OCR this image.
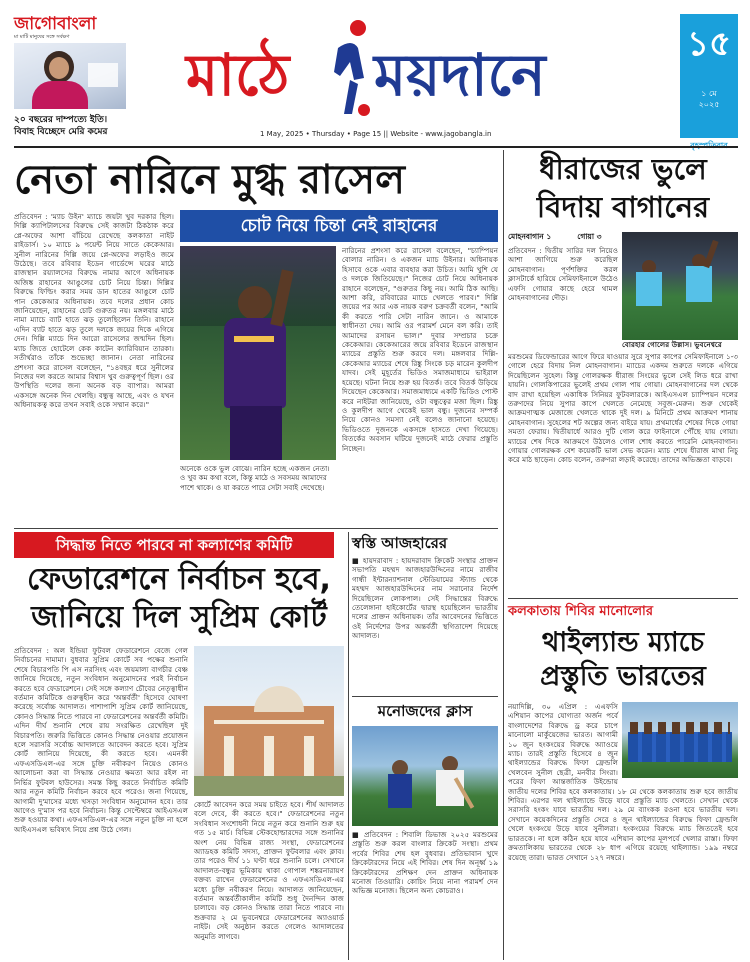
জাগোবাংলা
মা মাটি মানুষের সঙ্গে সর্বক্ষণ
২০ বছরের দাম্পত্যে ইতি।
বিবাহ বিচ্ছেদে মেরি কমের
মাঠে ময়দানে
1 May, 2025 • Thursday • Page 15 || Website - www.jagobangla.in
১৫
১ মে
২০২৫
নেতা নারিনে মুগ্ধ রাসেল

প্রতিবেদন : 'ম্যাচ উইন' ম্যাচে জয়টা খুব দরকার ছিল। দিল্লি ক্যাপিটালসের বিরুদ্ধে সেই কাজটা ঠিকঠাক করে প্লে-অফের আশা বাঁচিয়ে রেখেছে কলকাতা নাইট রাইডার্স। ১০ ম্যাচে ৯ পয়েন্ট নিয়ে সাতে কেকেআর। সুনীল নারিনের দিল্লি জয়ে প্লে-অফের লড়াইও জমে উঠেছে। তবে রবিবার ইডেন গার্ডেন্সে ঘরের মাঠে রাজস্থান রয়্যালসের বিরুদ্ধে নামার আগে অধিনায়ক অজিঙ্ক রাহানের আঙুলের চোট নিয়ে চিন্তা। দিল্লির বিরুদ্ধে ফিল্ডিং করার সময় ডান হাতের আঙুলে চোট পান কেকেআর অধিনায়ক। তবে দলের প্রধান কোচ জানিয়েছেন, রাহানের চোট গুরুতর নয়। মঙ্গলবার মাঠে নামা ম্যাচে ব্যাট হাতে ঝড় তুলেছিলেন তিনি। রাহানে এদিন ব্যাট হাতে ঝড় তুলে দলকে জয়ের দিকে এগিয়ে দেন। দিল্লি ম্যাচে দিন আরো রাসেলের জন্মদিন ছিল। ম্যাচ জিতে হোটেলে কেক কাটেন ক্যারিবিয়ান তারকা। সতীর্থরাও তাঁকে শুভেচ্ছা জানান। নেতা নারিনের প্রশংসা করে রাসেল বলেছেন, "১৪বছর ধরে সুনীলের নিজের দল করতে আমার বিশ্বাস খুব গুরুত্বপূর্ণ ছিল। ওর উপস্থিতি দলের জন্য অনেক বড় ব্যাপার। আমরা একসঙ্গে অনেক দিন খেলছি। বন্ধুত্ব আছে, এবং ও যখন অধিনায়কত্ব করে তখন সবাই ওকে সম্মান করে।"

চোট নিয়ে চিন্তা নেই রাহানের
অনেকে ওকে ভুল বোঝে। নারিন হচ্ছে একজন নেতা। ও খুব কম কথা বলে, কিন্তু মাঠে ও সবসময় আমাদের পাশে থাকে। ও যা করতে পারে সেটা সবাই দেখেছে।

নারিনের প্রশংসা করে রাসেল বলেছেন, "চ্যাম্পিয়ন বোলার নারিন। ও একজন ম্যাচ উইনার। অধিনায়ক হিসাবে ওকে এবার ব্যবহার করা উচিত। আমি খুশি যে ও দলকে জিতিয়েছে।" নিজের চোট নিয়ে অধিনায়ক রাহানে বলেছেন, "গুরুতর কিছু নয়। আমি ঠিক আছি। আশা করি, রবিবারের ম্যাচে খেলতে পারব।" দিল্লি জয়ের পর আর এক নায়ক বরুণ চক্রবর্তী বলেন, "আমি কী করতে পারি সেটা নারিন জানে। ও আমাকে স্বাধীনতা দেয়। আমি ওর পরামর্শ মেনে বল করি। তাই আমাদের রসায়ন ভাল।" দুবার সম্প্রচার চক্রে কেকেআর। কেকেআরের জয়ে রবিবার ইডেনে রাজস্থান ম্যাচের প্রস্তুতি শুরু করবে দল। মঙ্গলবার দিল্লি-কেকেআর ম্যাচের শেষে রিঙ্কু সিংকে চড় মারেন কুলদীপ যাদব। সেই মুহূর্তের ভিডিও সমাজমাধ্যমে ভাইরাল হয়েছে। ঘটনা নিয়ে শুরু হয় বিতর্ক। তবে বিতর্ক উড়িয়ে দিয়েছেন কেকেআর। সমাজমাধ্যমে একটি ভিডিও পোস্ট করে নাইটরা জানিয়েছে, ওটা বন্ধুত্বের মজা ছিল। রিঙ্কু ও কুলদীপ আগে থেকেই ভাল বন্ধু। দুজনের সম্পর্ক নিয়ে কোনও সমস্যা নেই বলেও জানানো হয়েছে। ভিডিওতে দুজনকে একসঙ্গে হাসতে দেখা গিয়েছে। বিতর্কের অবসান ঘটিয়ে দুজনেই মাঠে ফেরার প্রস্তুতি নিচ্ছেন।

সিদ্ধান্ত নিতে পারবে না কল্যাণের কমিটি
ফেডারেশনে নির্বাচন হবে,
জানিয়ে দিল সুপ্রিম কোর্ট

প্রতিবেদন : অল ইন্ডিয়া ফুটবল ফেডারেশনে বেজে গেল নির্বাচনের দামামা। বুধবার সুপ্রিম কোর্টে সব পক্ষের শুনানি শেষে বিচারপতি পি এস নরসিংহ এবং জয়মাল্য বাগচীর বেঞ্চ জানিয়ে দিয়েছে, নতুন সংবিধান অনুমোদনের পরই নির্বাচন করতে হবে ফেডারেশনে। সেই সঙ্গে কল্যাণ চৌবের নেতৃত্বাধীন বর্তমান কমিটিকে গুরুত্বহীন করে 'অন্তর্বর্তী' হিসেবে ঘোষণা করেছে সর্বোচ্চ আদালত। পাশাপাশি সুপ্রিম কোর্ট জানিয়েছে, কোনও সিদ্ধান্ত নিতে পারবে না ফেডারেশনের অন্তর্বর্তী কমিটি। এদিন দীর্ঘ শুনানি শেষে রায় সংরক্ষিত রেখেছিল দুই বিচারপতি। জরুরি ভিত্তিতে কোনও সিদ্ধান্ত নেওয়ার প্রয়োজন হলে সরাসরি সর্বোচ্চ আদালতে আবেদন করতে হবে। সুপ্রিম কোর্ট জানিয়ে দিয়েছে, কী করতে হবে। এমনকী এফএসডিএল-এর সঙ্গে চুক্তি নবীকরণ নিয়েও কোনও আলোচনা করা বা সিদ্ধান্ত নেওয়ার ক্ষমতা আর রইল না নির্ভির ফুটবল হাউসের। সমস্ত কিছু করতে নির্বাচিত কমিটি আর নতুন কমিটি নির্বাচন করবে হবে পরেও। জনা গিয়েছে, আগামী দু'মাসের মধ্যে খসড়া সংবিধান অনুমোদন হবে। তার আগেও দু'মাস পর হবে নির্বাচন। কিন্তু সেপ্টেম্বরে আইএসএল শুরু হওয়ার কথা। এফএসডিএল-এর সঙ্গে নতুন চুক্তি না হলে আইএসএল ভবিষ্যৎ নিয়ে প্রশ্ন উঠে গেল।

কোর্টে আবেদন করে সময় চাইতে হবে। শীর্ষ আদালত বলে দেবে, কী করতে হবে।" ফেডারেশনের নতুন সংবিধান সংশোধনী নিয়ে নতুন করে শুনানি শুরু হয় গত ১৫ মার্চ। বিভিন্ন স্টেকহোল্ডারদের সঙ্গে শুনানির অংশ নেয় বিভিন্ন রাজ্য সংস্থা, ফেডারেশনের অ্যাডহক কমিটি সদস্য, প্রাক্তন ফুটবলার এবং ক্লাব। তার পরেও দীর্ঘ ১১ ঘণ্টা ধরে শুনানি চলে। সেখানে আদালত-বন্ধুর ভূমিকায় থাকা গোপাল শঙ্করনারায়ণ বক্তব্য রাখেন ফেডারেশনের ও এফএসডিএল-এর মধ্যে চুক্তি নবীকরণ নিয়ে। আদালত জানিয়েছেন, বর্তমান অন্তর্বর্তীকালীন কমিটি শুধু দৈনন্দিন কাজ চালাবে। বড় কোনও সিদ্ধান্ত তারা নিতে পারবে না। শুক্রবার ২ মে ভুবনেশ্বরে ফেডারেশনের অ্যাওয়ার্ড নাইট। সেই অনুষ্ঠান করতে গেলেও আদালতের অনুমতি লাগবে।

স্বস্তি আজহারের

■ হায়দরাবাদ : হায়দরাবাদ ক্রিকেট সংস্থার প্রাক্তন সভাপতি মহম্মদ আজহারউদ্দিনের নামে রাজীব গান্ধী ইন্টারন্যাশনাল স্টেডিয়ামের স্ট্যান্ড থেকে মহম্মদ আজহারউদ্দিনের নাম সরানোর নির্দেশ দিয়েছিলেন লোকপাল। সেই সিদ্ধান্তের বিরুদ্ধে তেলেঙ্গানা হাইকোর্টের দ্বারস্থ হয়েছিলেন ভারতীয় দলের প্রাক্তন অধিনায়ক। তাঁর আবেদনের ভিত্তিতে ওই নির্দেশের উপর অন্তর্বর্তী স্থগিতাদেশ দিয়েছে আদালত।

মনোজদের ক্লাস

■ প্রতিবেদন : শিবালি ডিভাজ ২০২৫ মরশুমের প্রস্তুতি শুরু করল বাংলার ক্রিকেট সংস্থা। প্রথম পর্বের শিবির শেষ হল বুধবার। প্রতিভাবান খুদে ক্রিকেটারদের নিয়ে এই শিবির। শেষ দিন অনূর্ধ্ব ১৯ ক্রিকেটারদের প্রশিক্ষণ দেন প্রাক্তন অধিনায়ক মনোজ তিওয়ারি। কোচিং নিয়ে নানা পরামর্শ দেন অভিজ্ঞ মনোজ। ছিলেন অন্য কোচরাও।

ধীরাজের ভুলে
বিদায় বাগানের
মোহনবাগান ১          গোয়া ৩

প্রতিবেদন : দ্বিতীয় সারির দল নিয়েও আশা জাগিয়ে শুরু করেছিল মোহনবাগান। পূর্ণশক্তির করল ক্লাসটার্কে হারিয়ে সেমিফাইনালে উঠেও এফসি গোয়ার কাছে হেরে থামল মোহনবাগানের দৌড়।

বোরহার গোলের উল্লাস। ভুবনেশ্বরে

মরশুমের ডিফেন্ডারের আগে ফিরে যাওয়ার সুরে সুপার কাপের সেমিফাইনালে ১-৩ গোলে হেরে বিদায় নিল মোহনবাগান। ম্যাচের একদম শুরুতে দলকে এগিয়ে দিয়েছিলেন সুহেল। কিন্তু গোলরক্ষক ধীরাজ সিংয়ের ভুলে সেই লিড ধরে রাখা যায়নি। গোলকিপারের ভুলেই প্রথম গোল পায় গোয়া। মোহনবাগানের দল থেকে বাদ রাখা হয়েছিল একাধিক সিনিয়র ফুটবলারকে। আইএসএল চ্যাম্পিয়ন দলের তরুণদের নিয়ে সুপার কাপে খেলতে নেমেছে সবুজ-মেরুন। শুরু থেকেই আক্রমণাত্মক মেজাজে খেলতে থাকে দুই দল। ৯ মিনিটে প্রথম আক্রমণ শানায় মোহনবাগান। সুহেলের শট অল্পের জন্য বাইরে যায়। প্রথমার্ধের শেষের দিকে গোয়া সমতা ফেরায়। দ্বিতীয়ার্ধে আরও দুটি গোল করে ফাইনালে পৌঁছে যায় গোয়া। ম্যাচের শেষ দিকে আক্রমণে উঠলেও গোল শোধ করতে পারেনি মোহনবাগান। গোয়ার গোলরক্ষক বেশ কয়েকটি ভাল সেভ করেন। ম্যাচ শেষে ধীরাজ মাথা নিচু করে মাঠ ছাড়েন। কোচ বলেন, তরুণরা লড়াই করেছে। তাদের অভিজ্ঞতা বাড়বে।

কলকাতায় শিবির মানোলোর
থাইল্যান্ড ম্যাচে
প্রস্তুতি ভারতের

নয়াদিল্লি, ৩০ এপ্রিল : এএফসি এশিয়ান কাপের যোগ্যতা অর্জন পর্বে বাংলাদেশের বিরুদ্ধে ড্র করে চাপে মানোলো মার্কুয়েজের ভারত। আগামী ১০ জুন হংকংয়ের বিরুদ্ধে অ্যাওয়ে ম্যাচ। তারই প্রস্তুতি হিসেবে ৪ জুন থাইল্যান্ডের বিরুদ্ধে ফিফা ফ্রেন্ডলি খেলবেন সুনীল ছেত্রী, মনবীর সিংরা। পরের ফিফা আন্তর্জাতিক উইন্ডোয় জাতীয় দলের শিবির হবে কলকাতায়। ১৮ মে থেকে কলকাতায় শুরু হবে জাতীয় শিবির। এরপর দল থাইল্যান্ডে উড়ে যাবে প্রস্তুতি ম্যাচ খেলতে। সেখান থেকে সরাসরি হংকং যাবে ভারতীয় দল। ২৯ মে ব্যাংকক রওনা হবে ভারতীয় দল। সেখানে কয়েকদিনের প্রস্তুতি সেরে ৪ জুন থাইল্যান্ডের বিরুদ্ধে ফিফা ফ্রেন্ডলি খেলে হংকংয়ে উড়ে যাবে সুনীলরা। হংকংয়ের বিরুদ্ধে ম্যাচ জিততেই হবে ভারতকে। না হলে কঠিন হয়ে যাবে এশিয়ান কাপের মূলপর্বে খেলার রাস্তা। ফিফা ক্রমতালিকায় ভারতের থেকে ২৮ ধাপ এগিয়ে রয়েছে থাইল্যান্ড। ১৯৯ নম্বরে রয়েছে তারা। ভারত সেখানে ১২৭ নম্বরে।
